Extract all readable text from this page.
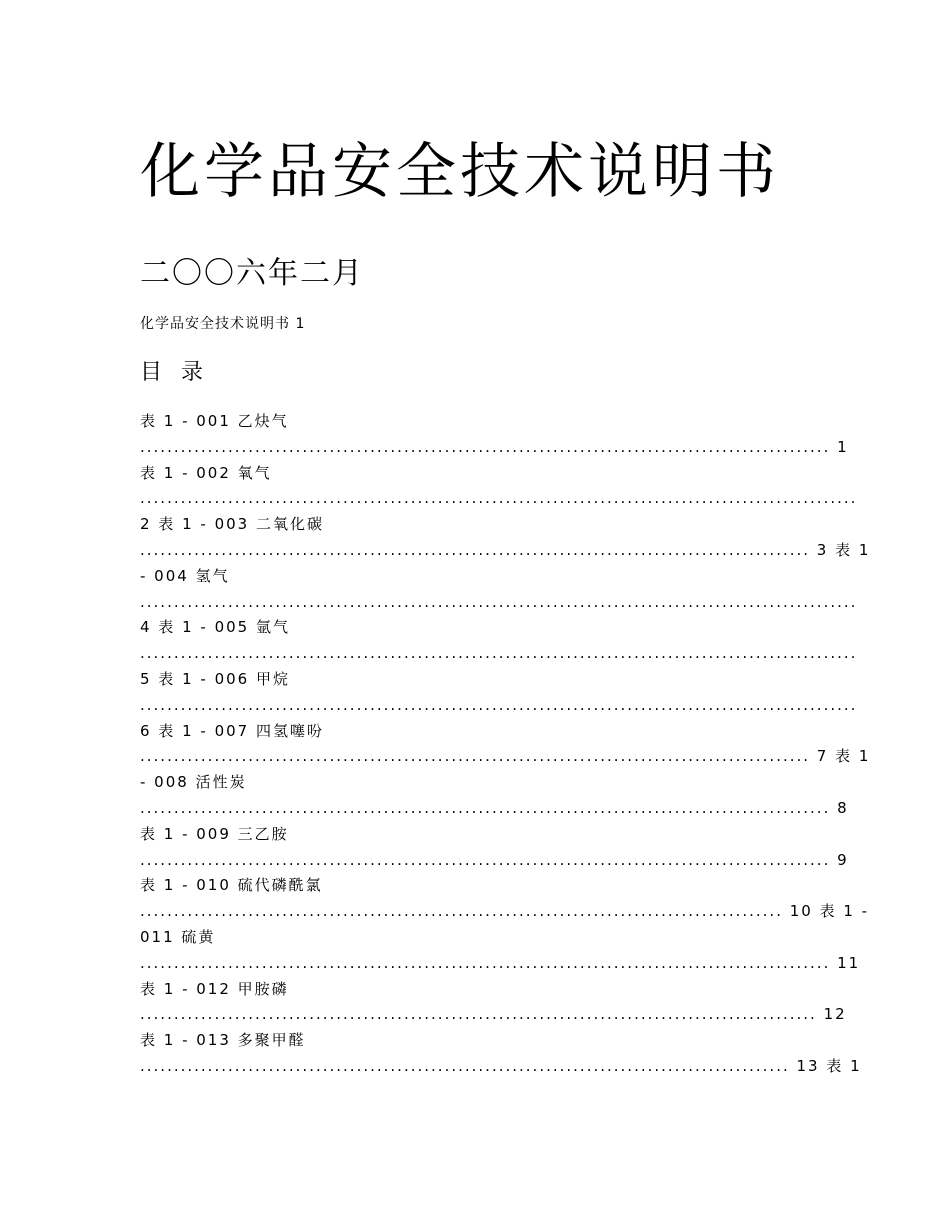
化学品安全技术说明书
二〇〇六年二月
化学品安全技术说明书 1
目 录
表 1 - 001 乙炔气
...................................................................................................... 1
表 1 - 002 氧气
..........................................................................................................
2 表 1 - 003 二氧化碳
................................................................................................... 3 表 1
- 004 氢气
..........................................................................................................
4 表 1 - 005 氩气
..........................................................................................................
5 表 1 - 006 甲烷
..........................................................................................................
6 表 1 - 007 四氢噻吩
................................................................................................... 7 表 1
- 008 活性炭
...................................................................................................... 8
表 1 - 009 三乙胺
...................................................................................................... 9
表 1 - 010 硫代磷酰氯
............................................................................................... 10 表 1 -
011 硫黄
...................................................................................................... 11
表 1 - 012 甲胺磷
.................................................................................................... 12
表 1 - 013 多聚甲醛
................................................................................................ 13 表 1
